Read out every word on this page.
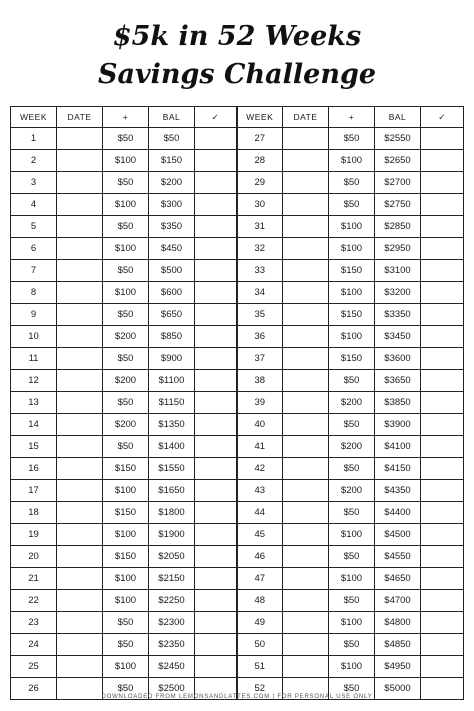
$5k in 52 Weeks
Savings Challenge
WEEK	DATE	+	BAL	✓	WEEK	DATE	+	BAL	✓
1		$50	$50		27		$50	$2550	
2		$100	$150		28		$100	$2650	
3		$50	$200		29		$50	$2700	
4		$100	$300		30		$50	$2750	
5		$50	$350		31		$100	$2850	
6		$100	$450		32		$100	$2950	
7		$50	$500		33		$150	$3100	
8		$100	$600		34		$100	$3200	
9		$50	$650		35		$150	$3350	
10		$200	$850		36		$100	$3450	
11		$50	$900		37		$150	$3600	
12		$200	$1100		38		$50	$3650	
13		$50	$1150		39		$200	$3850	
14		$200	$1350		40		$50	$3900	
15		$50	$1400		41		$200	$4100	
16		$150	$1550		42		$50	$4150	
17		$100	$1650		43		$200	$4350	
18		$150	$1800		44		$50	$4400	
19		$100	$1900		45		$100	$4500	
20		$150	$2050		46		$50	$4550	
21		$100	$2150		47		$100	$4650	
22		$100	$2250		48		$50	$4700	
23		$50	$2300		49		$100	$4800	
24		$50	$2350		50		$50	$4850	
25		$100	$2450		51		$100	$4950	
26		$50	$2500		52		$50	$5000	
DOWNLOADED FROM LEMONSANDLATTES.COM | FOR PERSONAL USE ONLY
